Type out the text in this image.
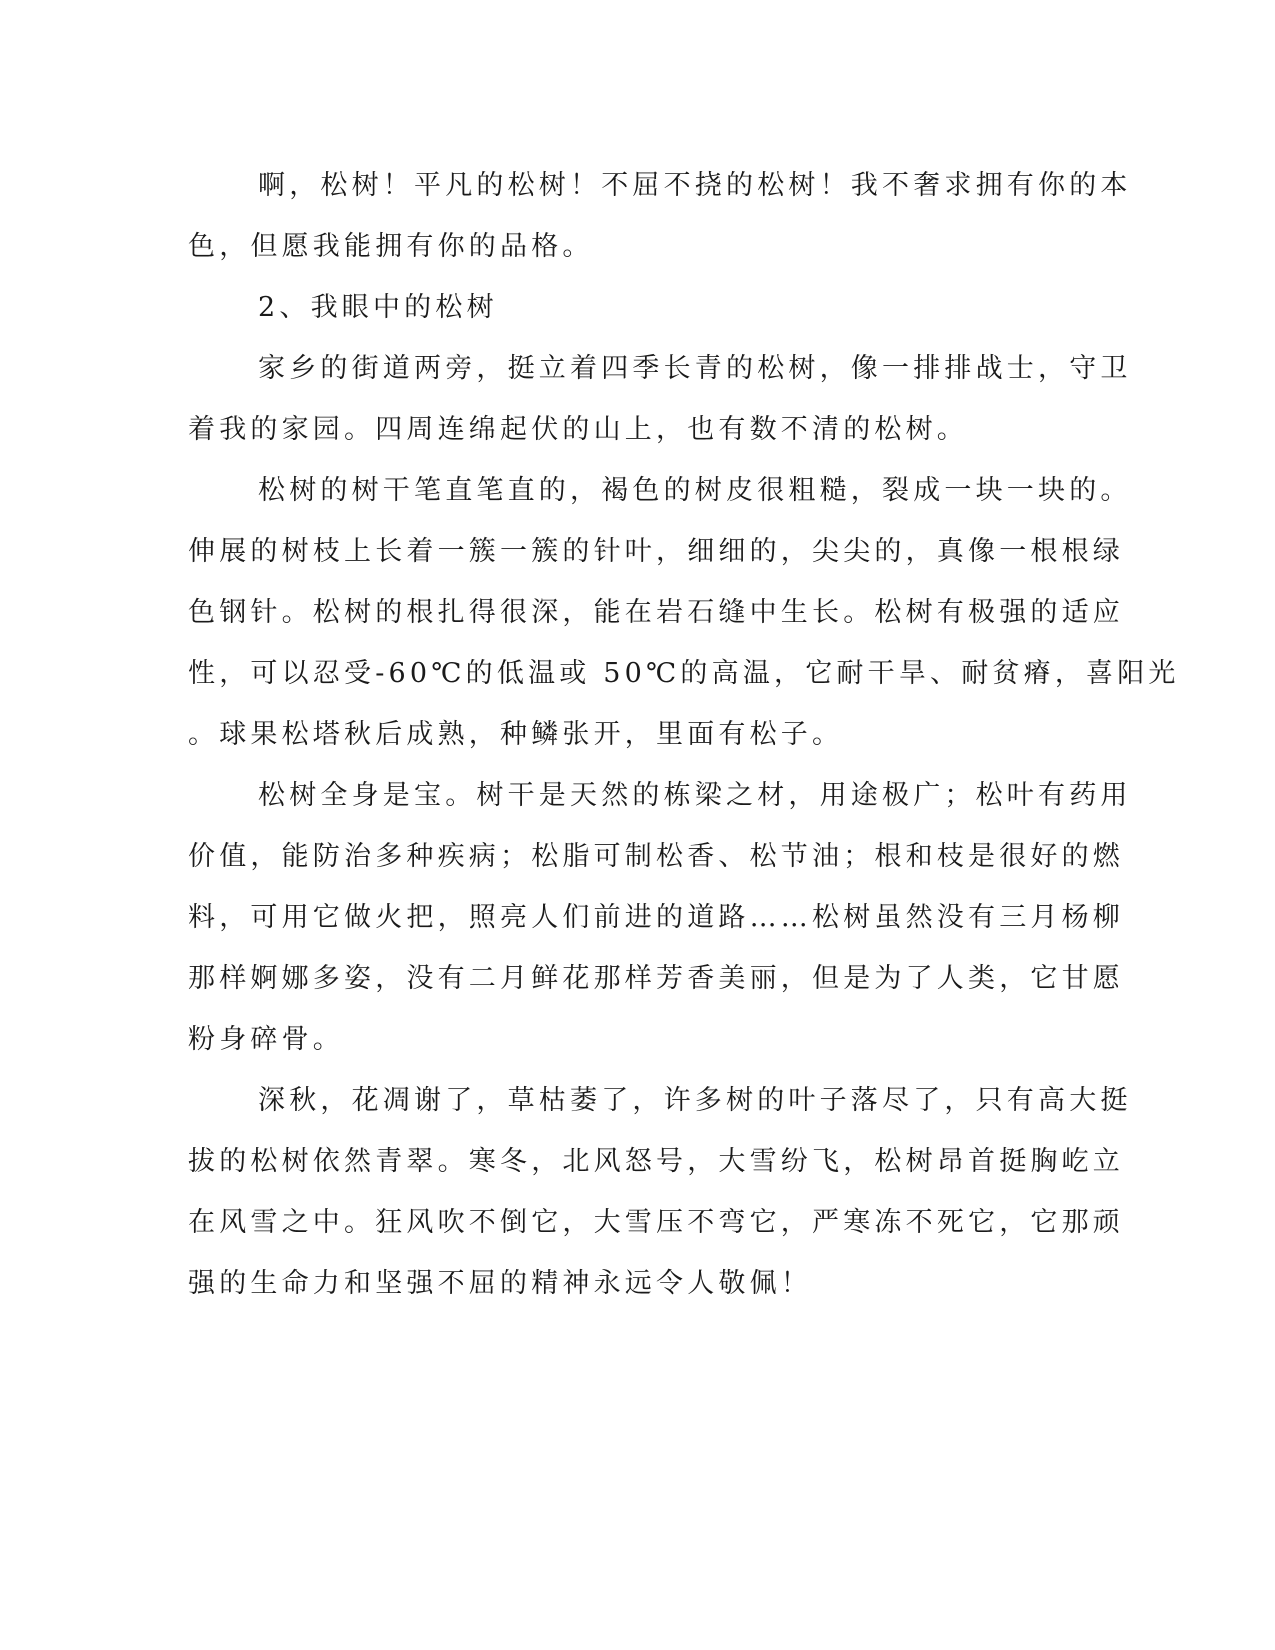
啊，松树！平凡的松树！不屈不挠的松树！我不奢求拥有你的本
色，但愿我能拥有你的品格。
2、我眼中的松树
家乡的街道两旁，挺立着四季长青的松树，像一排排战士，守卫
着我的家园。四周连绵起伏的山上，也有数不清的松树。
松树的树干笔直笔直的，褐色的树皮很粗糙，裂成一块一块的。
伸展的树枝上长着一簇一簇的针叶，细细的，尖尖的，真像一根根绿
色钢针。松树的根扎得很深，能在岩石缝中生长。松树有极强的适应
性，可以忍受-60℃的低温或 50℃的高温，它耐干旱、耐贫瘠，喜阳光
。球果松塔秋后成熟，种鳞张开，里面有松子。
松树全身是宝。树干是天然的栋梁之材，用途极广；松叶有药用
价值，能防治多种疾病；松脂可制松香、松节油；根和枝是很好的燃
料，可用它做火把，照亮人们前进的道路……松树虽然没有三月杨柳
那样婀娜多姿，没有二月鲜花那样芳香美丽，但是为了人类，它甘愿
粉身碎骨。
深秋，花凋谢了，草枯萎了，许多树的叶子落尽了，只有高大挺
拔的松树依然青翠。寒冬，北风怒号，大雪纷飞，松树昂首挺胸屹立
在风雪之中。狂风吹不倒它，大雪压不弯它，严寒冻不死它，它那顽
强的生命力和坚强不屈的精神永远令人敬佩！
